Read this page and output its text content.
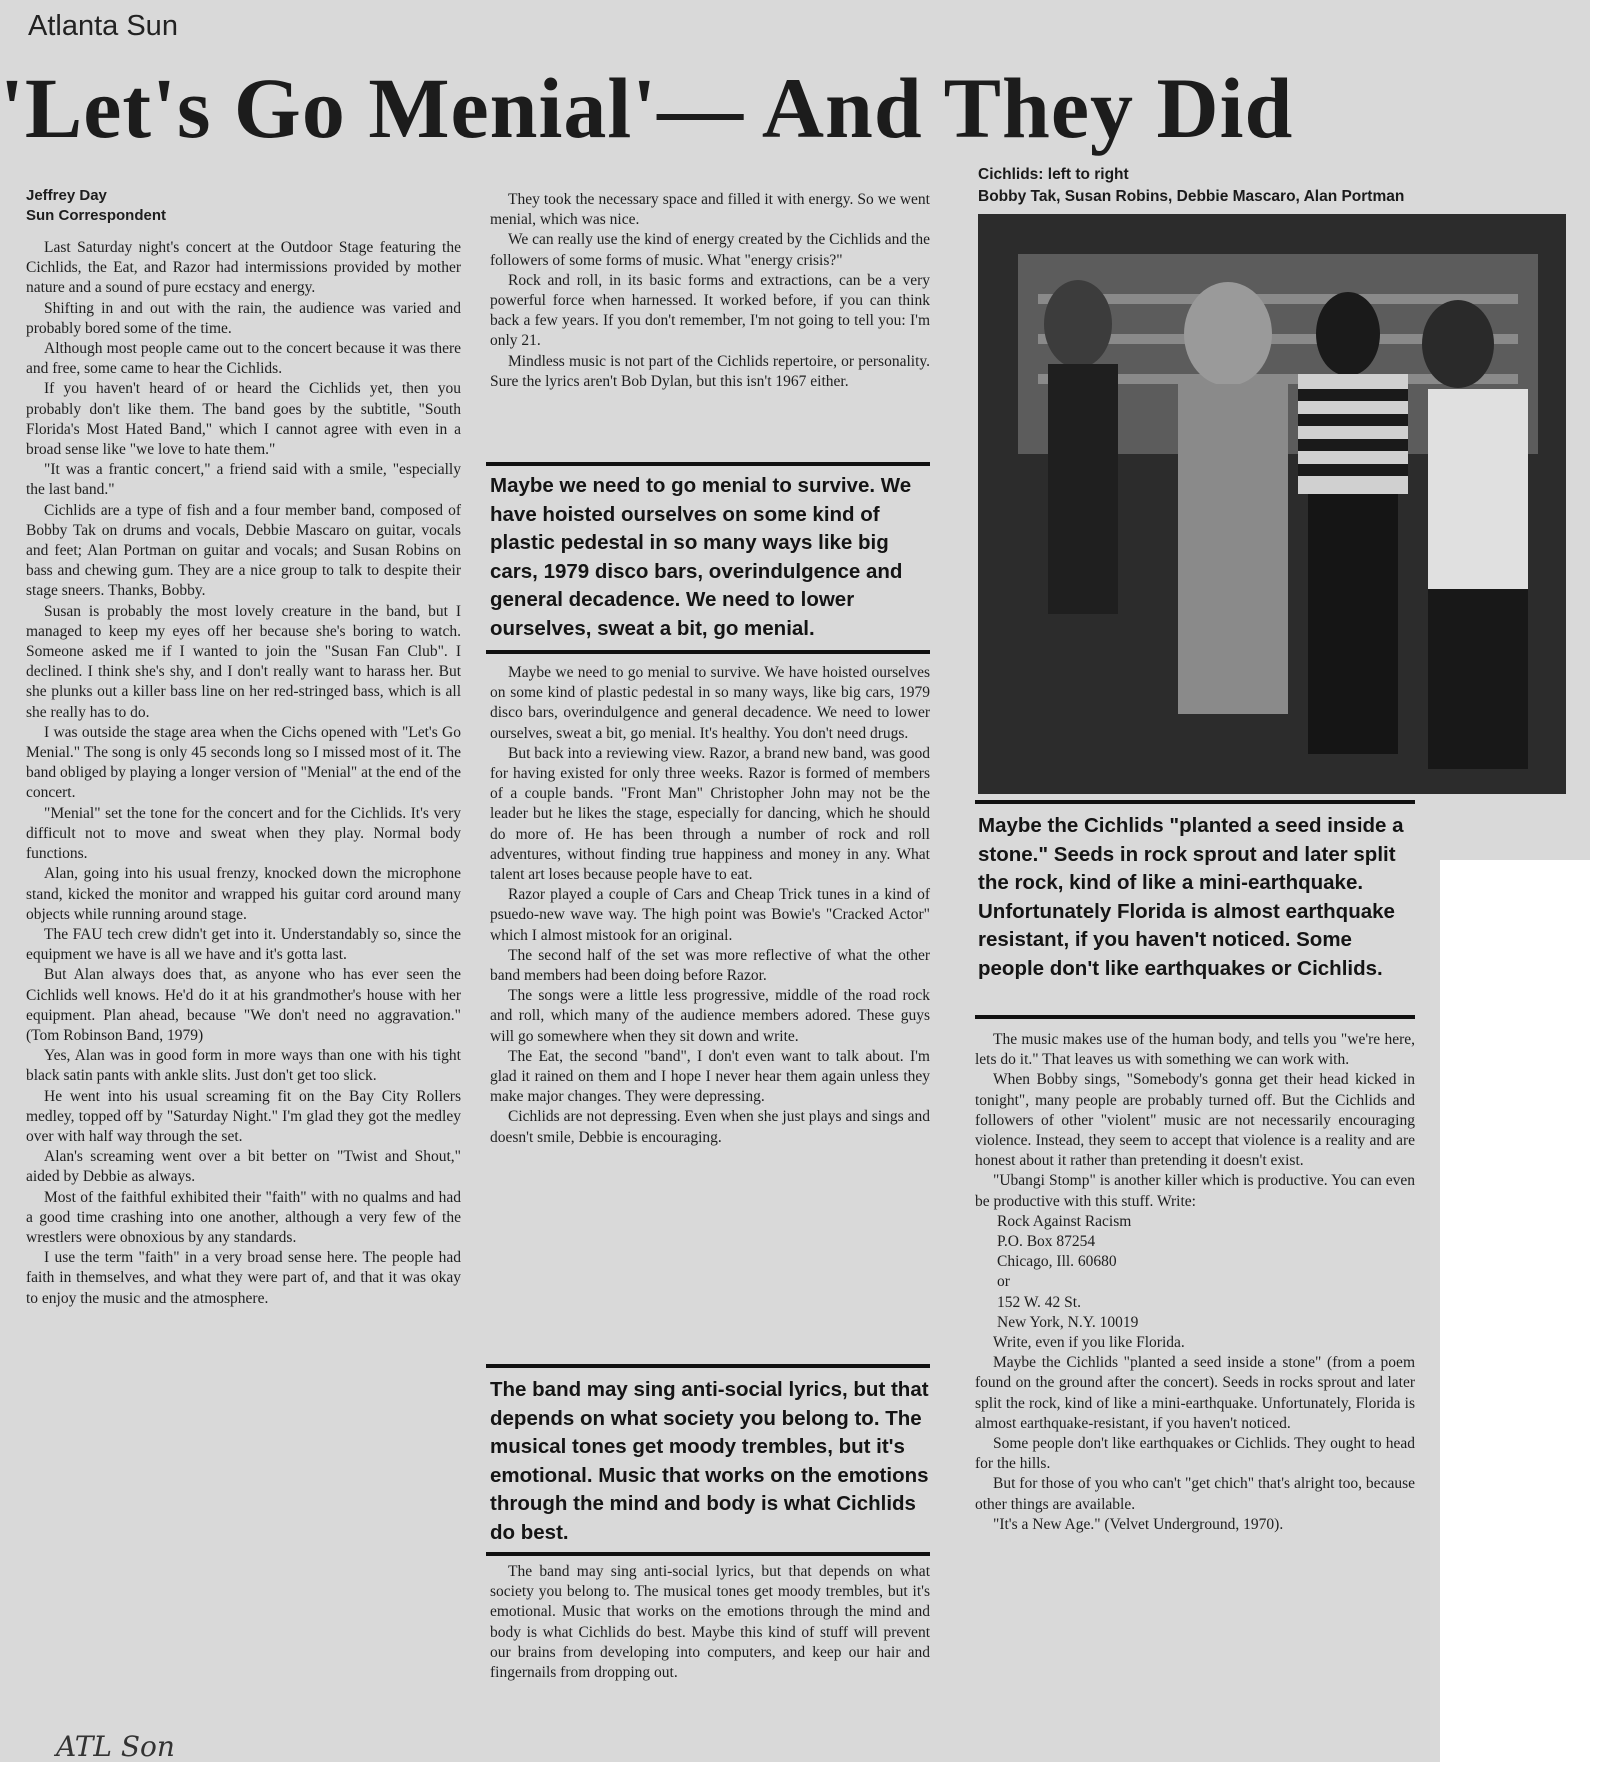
Atlanta Sun
'Let's Go Menial'— And They Did
Jeffrey Day
Sun Correspondent

Last Saturday night's concert at the Outdoor Stage featuring the Cichlids, the Eat, and Razor had intermissions provided by mother nature and a sound of pure ecstacy and energy.

Shifting in and out with the rain, the audience was varied and probably bored some of the time.

Although most people came out to the concert because it was there and free, some came to hear the Cichlids.

If you haven't heard of or heard the Cichlids yet, then you probably don't like them. The band goes by the subtitle, "South Florida's Most Hated Band," which I cannot agree with even in a broad sense like "we love to hate them."

"It was a frantic concert," a friend said with a smile, "especially the last band."

Cichlids are a type of fish and a four member band, composed of Bobby Tak on drums and vocals, Debbie Mascaro on guitar, vocals and feet; Alan Portman on guitar and vocals; and Susan Robins on bass and chewing gum. They are a nice group to talk to despite their stage sneers. Thanks, Bobby.

Susan is probably the most lovely creature in the band, but I managed to keep my eyes off her because she's boring to watch. Someone asked me if I wanted to join the "Susan Fan Club". I declined. I think she's shy, and I don't really want to harass her. But she plunks out a killer bass line on her red-stringed bass, which is all she really has to do.

I was outside the stage area when the Cichs opened with "Let's Go Menial." The song is only 45 seconds long so I missed most of it. The band obliged by playing a longer version of "Menial" at the end of the concert.

"Menial" set the tone for the concert and for the Cichlids. It's very difficult not to move and sweat when they play. Normal body functions.

Alan, going into his usual frenzy, knocked down the microphone stand, kicked the monitor and wrapped his guitar cord around many objects while running around stage.

The FAU tech crew didn't get into it. Understandably so, since the equipment we have is all we have and it's gotta last.

But Alan always does that, as anyone who has ever seen the Cichlids well knows. He'd do it at his grandmother's house with her equipment. Plan ahead, because "We don't need no aggravation." (Tom Robinson Band, 1979)

Yes, Alan was in good form in more ways than one with his tight black satin pants with ankle slits. Just don't get too slick.

He went into his usual screaming fit on the Bay City Rollers medley, topped off by "Saturday Night." I'm glad they got the medley over with half way through the set.

Alan's screaming went over a bit better on "Twist and Shout," aided by Debbie as always.

Most of the faithful exhibited their "faith" with no qualms and had a good time crashing into one another, although a very few of the wrestlers were obnoxious by any standards.

I use the term "faith" in a very broad sense here. The people had faith in themselves, and what they were part of, and that it was okay to enjoy the music and the atmosphere.

They took the necessary space and filled it with energy. So we went menial, which was nice.

We can really use the kind of energy created by the Cichlids and the followers of some forms of music. What "energy crisis?"

Rock and roll, in its basic forms and extractions, can be a very powerful force when harnessed. It worked before, if you can think back a few years. If you don't remember, I'm not going to tell you: I'm only 21.

Mindless music is not part of the Cichlids repertoire, or personality. Sure the lyrics aren't Bob Dylan, but this isn't 1967 either.

Maybe we need to go menial to survive. We have hoisted ourselves on some kind of plastic pedestal in so many ways like big cars, 1979 disco bars, overindulgence and general decadence. We need to lower ourselves, sweat a bit, go menial.

Maybe we need to go menial to survive. We have hoisted ourselves on some kind of plastic pedestal in so many ways, like big cars, 1979 disco bars, overindulgence and general decadence. We need to lower ourselves, sweat a bit, go menial. It's healthy. You don't need drugs.

But back into a reviewing view. Razor, a brand new band, was good for having existed for only three weeks. Razor is formed of members of a couple bands. "Front Man" Christopher John may not be the leader but he likes the stage, especially for dancing, which he should do more of. He has been through a number of rock and roll adventures, without finding true happiness and money in any. What talent art loses because people have to eat.

Razor played a couple of Cars and Cheap Trick tunes in a kind of psuedo-new wave way. The high point was Bowie's "Cracked Actor" which I almost mistook for an original.

The second half of the set was more reflective of what the other band members had been doing before Razor.

The songs were a little less progressive, middle of the road rock and roll, which many of the audience members adored. These guys will go somewhere when they sit down and write.

The Eat, the second "band", I don't even want to talk about. I'm glad it rained on them and I hope I never hear them again unless they make major changes. They were depressing.

Cichlids are not depressing. Even when she just plays and sings and doesn't smile, Debbie is encouraging.

The band may sing anti-social lyrics, but that depends on what society you belong to. The musical tones get moody trembles, but it's emotional. Music that works on the emotions through the mind and body is what Cichlids do best.

The band may sing anti-social lyrics, but that depends on what society you belong to. The musical tones get moody trembles, but it's emotional. Music that works on the emotions through the mind and body is what Cichlids do best. Maybe this kind of stuff will prevent our brains from developing into computers, and keep our hair and fingernails from dropping out.

Cichlids: left to right
Bobby Tak, Susan Robins, Debbie Mascaro, Alan Portman
Maybe the Cichlids "planted a seed inside a stone." Seeds in rock sprout and later split the rock, kind of like a mini-earthquake. Unfortunately Florida is almost earthquake resistant, if you haven't noticed. Some people don't like earthquakes or Cichlids.

The music makes use of the human body, and tells you "we're here, lets do it." That leaves us with something we can work with.

When Bobby sings, "Somebody's gonna get their head kicked in tonight", many people are probably turned off. But the Cichlids and followers of other "violent" music are not necessarily encouraging violence. Instead, they seem to accept that violence is a reality and are honest about it rather than pretending it doesn't exist.

"Ubangi Stomp" is another killer which is productive. You can even be productive with this stuff. Write:

Rock Against Racism
P.O. Box 87254
Chicago, Ill. 60680
or
152 W. 42 St.
New York, N.Y. 10019

Write, even if you like Florida.

Maybe the Cichlids "planted a seed inside a stone" (from a poem found on the ground after the concert). Seeds in rocks sprout and later split the rock, kind of like a mini-earthquake. Unfortunately, Florida is almost earthquake-resistant, if you haven't noticed.

Some people don't like earthquakes or Cichlids. They ought to head for the hills.

But for those of you who can't "get chich" that's alright too, because other things are available.

"It's a New Age." (Velvet Underground, 1970).

ATL Son
